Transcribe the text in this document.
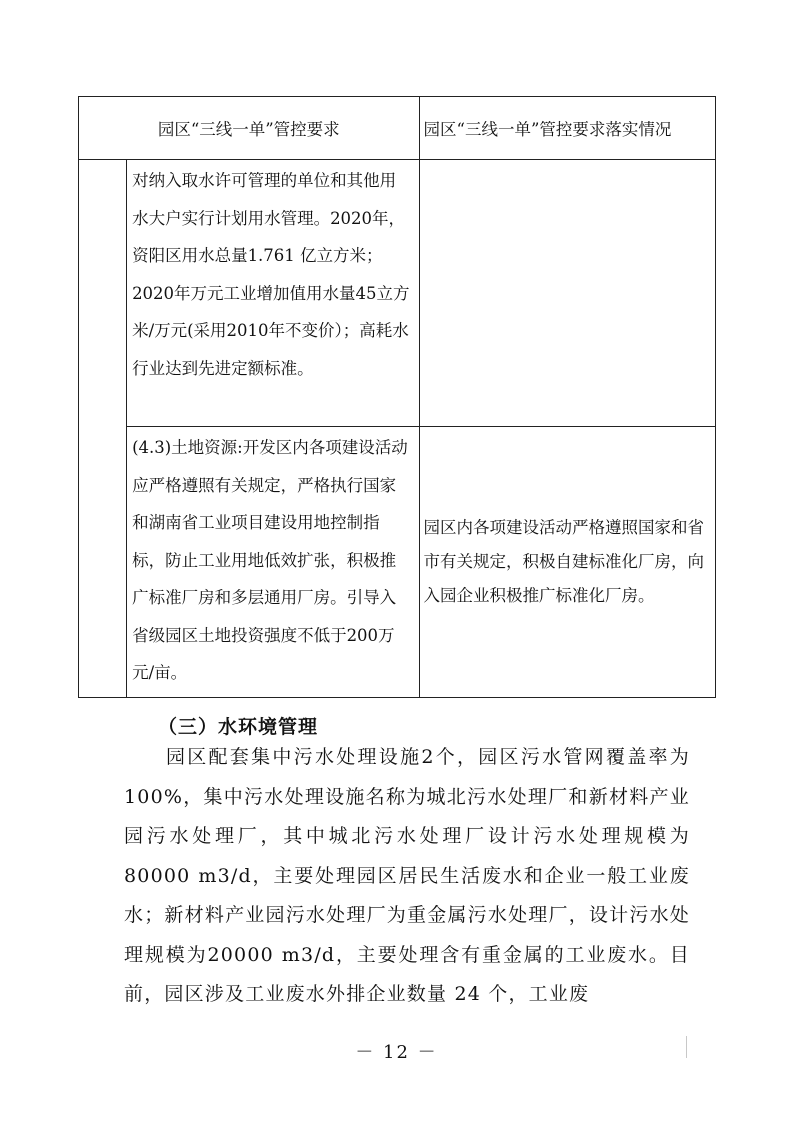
园区“三线一单”管控要求		园区“三线一单”管控要求落实情况

	对纳入取水许可管理的单位和其他用水大户实行计划用水管理。2020年，资阳区用水总量1.761 亿立方米；2020年万元工业增加值用水量45立方米/万元(采用2010年不变价）；高耗水行业达到先进定额标准。	

	(4.3)土地资源:开发区内各项建设活动应严格遵照有关规定，严格执行国家和湖南省工业项目建设用地控制指标，防止工业用地低效扩张，积极推广标准厂房和多层通用厂房。引导入省级园区土地投资强度不低于200万元/亩。	园区内各项建设活动严格遵照国家和省市有关规定，积极自建标准化厂房，向入园企业积极推广标准化厂房。
（三）水环境管理

园区配套集中污水处理设施2个，园区污水管网覆盖率为100%，集中污水处理设施名称为城北污水处理厂和新材料产业园污水处理厂，其中城北污水处理厂设计污水处理规模为80000 m3/d，主要处理园区居民生活废水和企业一般工业废水；新材料产业园污水处理厂为重金属污水处理厂，设计污水处理规模为20000 m3/d，主要处理含有重金属的工业废水。目前，园区涉及工业废水外排企业数量 24 个，工业废

－ 12 －
